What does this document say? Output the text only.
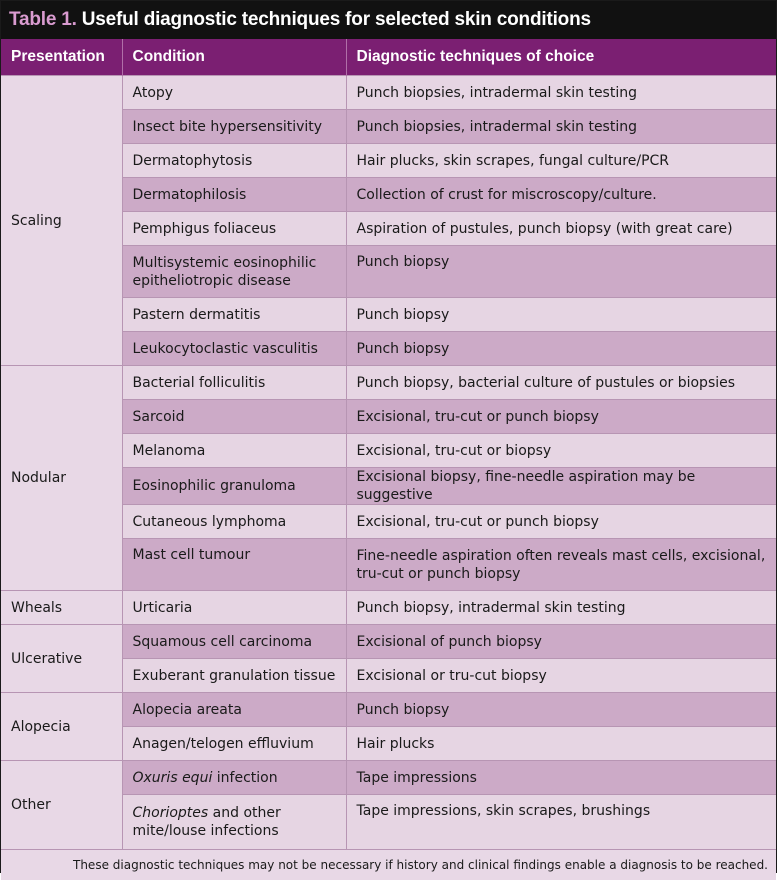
Table 1. Useful diagnostic techniques for selected skin conditions
Presentation	Condition	Diagnostic techniques of choice
Scaling	Atopy	Punch biopsies, intradermal skin testing
	Insect bite hypersensitivity	Punch biopsies, intradermal skin testing
	Dermatophytosis	Hair plucks, skin scrapes, fungal culture/PCR
	Dermatophilosis	Collection of crust for miscroscopy/culture.
	Pemphigus foliaceus	Aspiration of pustules, punch biopsy (with great care)
	Multisystemic eosinophilic epitheliotropic disease	Punch biopsy
	Pastern dermatitis	Punch biopsy
	Leukocytoclastic vasculitis	Punch biopsy
Nodular	Bacterial folliculitis	Punch biopsy, bacterial culture of pustules or biopsies
	Sarcoid	Excisional, tru-cut or punch biopsy
	Melanoma	Excisional, tru-cut or biopsy
	Eosinophilic granuloma	Excisional biopsy, fine-needle aspiration may be suggestive
	Cutaneous lymphoma	Excisional, tru-cut or punch biopsy
	Mast cell tumour	Fine-needle aspiration often reveals mast cells, excisional, tru-cut or punch biopsy
Wheals	Urticaria	Punch biopsy, intradermal skin testing
Ulcerative	Squamous cell carcinoma	Excisional of punch biopsy
	Exuberant granulation tissue	Excisional or tru-cut biopsy
Alopecia	Alopecia areata	Punch biopsy
	Anagen/telogen effluvium	Hair plucks
Other	Oxuris equi infection	Tape impressions
	Chorioptes and other mite/louse infections	Tape impressions, skin scrapes, brushings
These diagnostic techniques may not be necessary if history and clinical findings enable a diagnosis to be reached.
